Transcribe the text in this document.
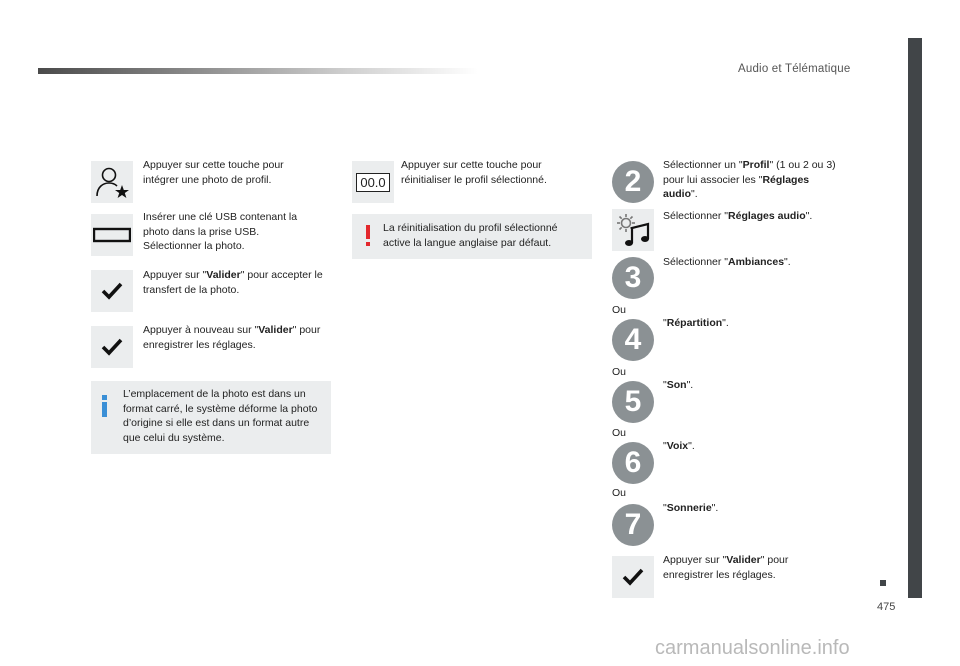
Audio et Télématique
475
carmanualsonline.info
Appuyer sur cette touche pour intégrer une photo de profil.
Insérer une clé USB contenant la photo dans la prise USB. Sélectionner la photo.
Appuyer sur "Valider" pour accepter le transfert de la photo.
Appuyer à nouveau sur "Valider" pour enregistrer les réglages.
L’emplacement de la photo est dans un format carré, le système déforme la photo d’origine si elle est dans un format autre que celui du système.
00.0
Appuyer sur cette touche pour réinitialiser le profil sélectionné.
La réinitialisation du profil sélectionné active la langue anglaise par défaut.
2	Sélectionner un "Profil" (1 ou 2 ou 3) pour lui associer les "Réglages audio".
Sélectionner "Réglages audio".
3	Sélectionner "Ambiances".
Ou
4	"Répartition".
Ou
5	"Son".
Ou
6	"Voix".
Ou
7	"Sonnerie".
Appuyer sur "Valider" pour enregistrer les réglages.
